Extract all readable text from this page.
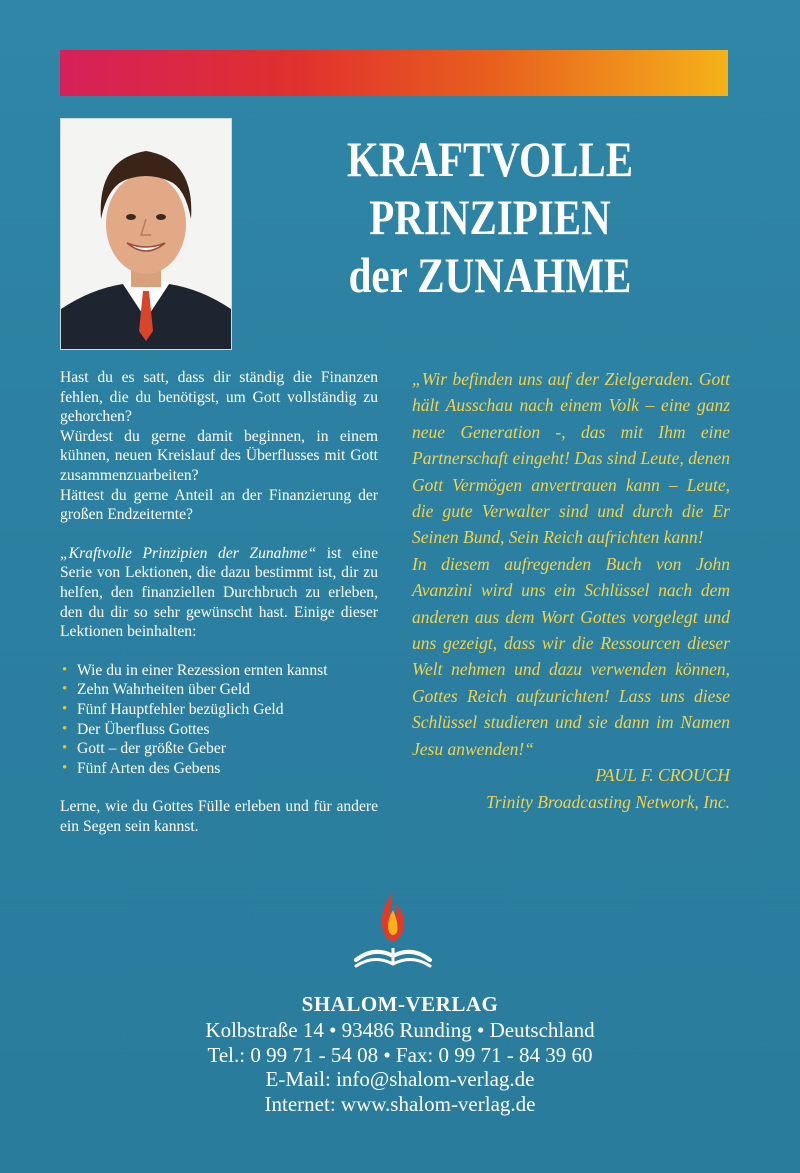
KRAFTVOLLE
PRINZIPIEN
der ZUNAHME

Hast du es satt, dass dir ständig die Finanzen fehlen, die du benötigst, um Gott vollständig zu gehorchen?

Würdest du gerne damit beginnen, in einem kühnen, neuen Kreislauf des Überflusses mit Gott zusammenzuarbeiten?

Hättest du gerne Anteil an der Finanzierung der großen Endzeiternte?

„Kraftvolle Prinzipien der Zunahme“ ist eine Serie von Lektionen, die dazu bestimmt ist, dir zu helfen, den finanziellen Durchbruch zu erleben, den du dir so sehr gewünscht hast. Einige dieser Lektionen beinhalten:

• Wie du in einer Rezession ernten kannst
• Zehn Wahrheiten über Geld
• Fünf Hauptfehler bezüglich Geld
• Der Überfluss Gottes
• Gott – der größte Geber
• Fünf Arten des Gebens

Lerne, wie du Gottes Fülle erleben und für andere ein Segen sein kannst.

„Wir befinden uns auf der Zielgeraden. Gott hält Ausschau nach einem Volk – eine ganz neue Generation -, das mit Ihm eine Partnerschaft eingeht! Das sind Leute, denen Gott Vermögen anvertrauen kann – Leute, die gute Verwalter sind und durch die Er Seinen Bund, Sein Reich aufrichten kann!

In diesem aufregenden Buch von John Avanzini wird uns ein Schlüssel nach dem anderen aus dem Wort Gottes vorgelegt und uns gezeigt, dass wir die Ressourcen dieser Welt nehmen und dazu verwenden können, Gottes Reich aufzurichten! Lass uns diese Schlüssel studieren und sie dann im Namen Jesu anwenden!“

PAUL F. CROUCH
Trinity Broadcasting Network, Inc.
SHALOM-VERLAG
Kolbstraße 14 • 93486 Runding • Deutschland
Tel.: 0 99 71 - 54 08 • Fax: 0 99 71 - 84 39 60
E-Mail: info@shalom-verlag.de
Internet: www.shalom-verlag.de
